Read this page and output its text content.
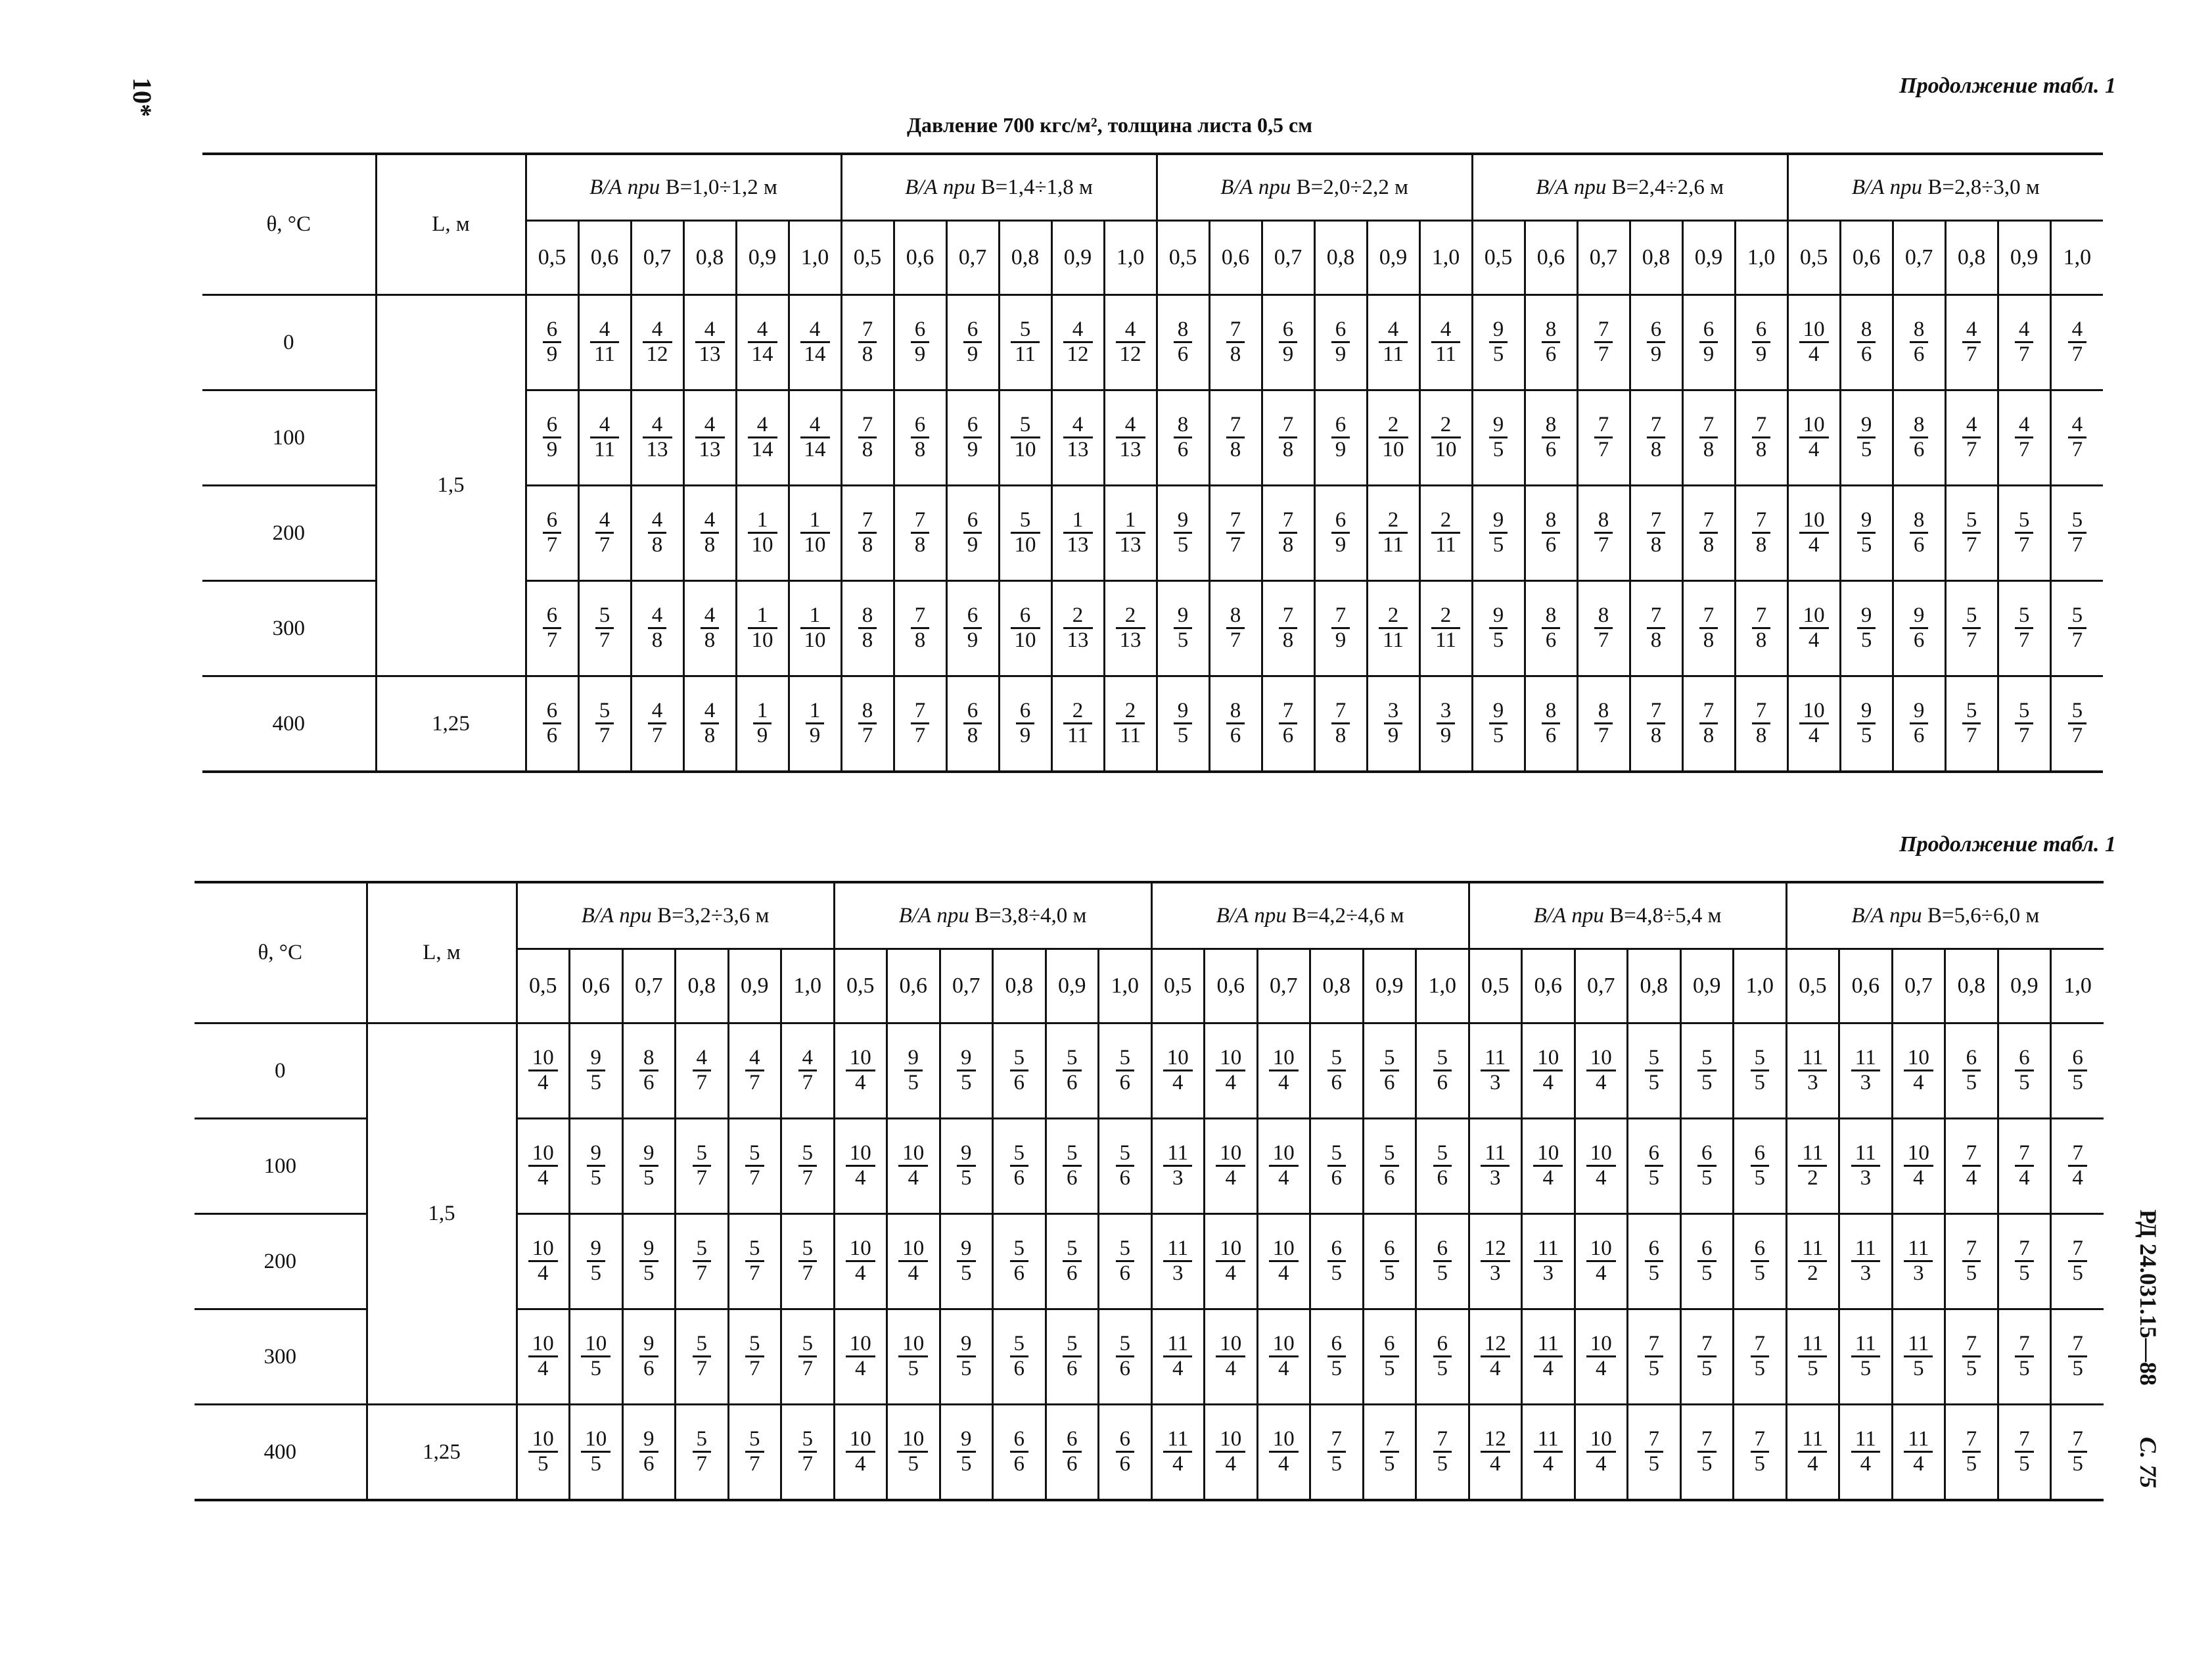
10*	Продолжение табл. 1
Давление 700 кгс/м², толщина листа 0,5 см
θ, °C	L, м	В/А при B=1,0÷1,2 м						В/А при B=1,4÷1,8 м						В/А при B=2,0÷2,2 м						В/А при B=2,4÷2,6 м						В/А при B=2,8÷3,0 м					
		0,5	0,6	0,7	0,8	0,9	1,0	0,5	0,6	0,7	0,8	0,9	1,0	0,5	0,6	0,7	0,8	0,9	1,0	0,5	0,6	0,7	0,8	0,9	1,0	0,5	0,6	0,7	0,8	0,9	1,0
0	1,5	$\frac{6}{9}$	$\frac{4}{11}$	$\frac{4}{12}$	$\frac{4}{13}$	$\frac{4}{14}$	$\frac{4}{14}$	$\frac{7}{8}$	$\frac{6}{9}$	$\frac{6}{9}$	$\frac{5}{11}$	$\frac{4}{12}$	$\frac{4}{12}$	$\frac{8}{6}$	$\frac{7}{8}$	$\frac{6}{9}$	$\frac{6}{9}$	$\frac{4}{11}$	$\frac{4}{11}$	$\frac{9}{5}$	$\frac{8}{6}$	$\frac{7}{7}$	$\frac{6}{9}$	$\frac{6}{9}$	$\frac{6}{9}$	$\frac{10}{4}$	$\frac{8}{6}$	$\frac{8}{6}$	$\frac{4}{7}$	$\frac{4}{7}$	$\frac{4}{7}$

100		$\frac{6}{9}$	$\frac{4}{11}$	$\frac{4}{13}$	$\frac{4}{13}$	$\frac{4}{14}$	$\frac{4}{14}$	$\frac{7}{8}$	$\frac{6}{8}$	$\frac{6}{9}$	$\frac{5}{10}$	$\frac{4}{13}$	$\frac{4}{13}$	$\frac{8}{6}$	$\frac{7}{8}$	$\frac{7}{8}$	$\frac{6}{9}$	$\frac{2}{10}$	$\frac{2}{10}$	$\frac{9}{5}$	$\frac{8}{6}$	$\frac{7}{7}$	$\frac{7}{8}$	$\frac{7}{8}$	$\frac{7}{8}$	$\frac{10}{4}$	$\frac{9}{5}$	$\frac{8}{6}$	$\frac{4}{7}$	$\frac{4}{7}$	$\frac{4}{7}$

200		$\frac{6}{7}$	$\frac{4}{7}$	$\frac{4}{8}$	$\frac{4}{8}$	$\frac{1}{10}$	$\frac{1}{10}$	$\frac{7}{8}$	$\frac{7}{8}$	$\frac{6}{9}$	$\frac{5}{10}$	$\frac{1}{13}$	$\frac{1}{13}$	$\frac{9}{5}$	$\frac{7}{7}$	$\frac{7}{8}$	$\frac{6}{9}$	$\frac{2}{11}$	$\frac{2}{11}$	$\frac{9}{5}$	$\frac{8}{6}$	$\frac{8}{7}$	$\frac{7}{8}$	$\frac{7}{8}$	$\frac{7}{8}$	$\frac{10}{4}$	$\frac{9}{5}$	$\frac{8}{6}$	$\frac{5}{7}$	$\frac{5}{7}$	$\frac{5}{7}$

300		$\frac{6}{7}$	$\frac{5}{7}$	$\frac{4}{8}$	$\frac{4}{8}$	$\frac{1}{10}$	$\frac{1}{10}$	$\frac{8}{8}$	$\frac{7}{8}$	$\frac{6}{9}$	$\frac{6}{10}$	$\frac{2}{13}$	$\frac{2}{13}$	$\frac{9}{5}$	$\frac{8}{7}$	$\frac{7}{8}$	$\frac{7}{9}$	$\frac{2}{11}$	$\frac{2}{11}$	$\frac{9}{5}$	$\frac{8}{6}$	$\frac{8}{7}$	$\frac{7}{8}$	$\frac{7}{8}$	$\frac{7}{8}$	$\frac{10}{4}$	$\frac{9}{5}$	$\frac{9}{6}$	$\frac{5}{7}$	$\frac{5}{7}$	$\frac{5}{7}$

400	1,25	$\frac{6}{6}$	$\frac{5}{7}$	$\frac{4}{7}$	$\frac{4}{8}$	$\frac{1}{9}$	$\frac{1}{9}$	$\frac{8}{7}$	$\frac{7}{7}$	$\frac{6}{8}$	$\frac{6}{9}$	$\frac{2}{11}$	$\frac{2}{11}$	$\frac{9}{5}$	$\frac{8}{6}$	$\frac{7}{6}$	$\frac{7}{8}$	$\frac{3}{9}$	$\frac{3}{9}$	$\frac{9}{5}$	$\frac{8}{6}$	$\frac{8}{7}$	$\frac{7}{8}$	$\frac{7}{8}$	$\frac{7}{8}$	$\frac{10}{4}$	$\frac{9}{5}$	$\frac{9}{6}$	$\frac{5}{7}$	$\frac{5}{7}$	$\frac{5}{7}$
Продолжение табл. 1
θ, °C	L, м	В/А при B=3,2÷3,6 м						В/А при B=3,8÷4,0 м						В/А при B=4,2÷4,6 м						В/А при B=4,8÷5,4 м						В/А при B=5,6÷6,0 м					
		0,5	0,6	0,7	0,8	0,9	1,0	0,5	0,6	0,7	0,8	0,9	1,0	0,5	0,6	0,7	0,8	0,9	1,0	0,5	0,6	0,7	0,8	0,9	1,0	0,5	0,6	0,7	0,8	0,9	1,0
0	1,5	$\frac{10}{4}$	$\frac{9}{5}$	$\frac{8}{6}$	$\frac{4}{7}$	$\frac{4}{7}$	$\frac{4}{7}$	$\frac{10}{4}$	$\frac{9}{5}$	$\frac{9}{5}$	$\frac{5}{6}$	$\frac{5}{6}$	$\frac{5}{6}$	$\frac{10}{4}$	$\frac{10}{4}$	$\frac{10}{4}$	$\frac{5}{6}$	$\frac{5}{6}$	$\frac{5}{6}$	$\frac{11}{3}$	$\frac{10}{4}$	$\frac{10}{4}$	$\frac{5}{5}$	$\frac{5}{5}$	$\frac{5}{5}$	$\frac{11}{3}$	$\frac{11}{3}$	$\frac{10}{4}$	$\frac{6}{5}$	$\frac{6}{5}$	$\frac{6}{5}$

100		$\frac{10}{4}$	$\frac{9}{5}$	$\frac{9}{5}$	$\frac{5}{7}$	$\frac{5}{7}$	$\frac{5}{7}$	$\frac{10}{4}$	$\frac{10}{4}$	$\frac{9}{5}$	$\frac{5}{6}$	$\frac{5}{6}$	$\frac{5}{6}$	$\frac{11}{3}$	$\frac{10}{4}$	$\frac{10}{4}$	$\frac{5}{6}$	$\frac{5}{6}$	$\frac{5}{6}$	$\frac{11}{3}$	$\frac{10}{4}$	$\frac{10}{4}$	$\frac{6}{5}$	$\frac{6}{5}$	$\frac{6}{5}$	$\frac{11}{2}$	$\frac{11}{3}$	$\frac{10}{4}$	$\frac{7}{4}$	$\frac{7}{4}$	$\frac{7}{4}$

200		$\frac{10}{4}$	$\frac{9}{5}$	$\frac{9}{5}$	$\frac{5}{7}$	$\frac{5}{7}$	$\frac{5}{7}$	$\frac{10}{4}$	$\frac{10}{4}$	$\frac{9}{5}$	$\frac{5}{6}$	$\frac{5}{6}$	$\frac{5}{6}$	$\frac{11}{3}$	$\frac{10}{4}$	$\frac{10}{4}$	$\frac{6}{5}$	$\frac{6}{5}$	$\frac{6}{5}$	$\frac{12}{3}$	$\frac{11}{3}$	$\frac{10}{4}$	$\frac{6}{5}$	$\frac{6}{5}$	$\frac{6}{5}$	$\frac{11}{2}$	$\frac{11}{3}$	$\frac{11}{3}$	$\frac{7}{5}$	$\frac{7}{5}$	$\frac{7}{5}$

300		$\frac{10}{4}$	$\frac{10}{5}$	$\frac{9}{6}$	$\frac{5}{7}$	$\frac{5}{7}$	$\frac{5}{7}$	$\frac{10}{4}$	$\frac{10}{5}$	$\frac{9}{5}$	$\frac{5}{6}$	$\frac{5}{6}$	$\frac{5}{6}$	$\frac{11}{4}$	$\frac{10}{4}$	$\frac{10}{4}$	$\frac{6}{5}$	$\frac{6}{5}$	$\frac{6}{5}$	$\frac{12}{4}$	$\frac{11}{4}$	$\frac{10}{4}$	$\frac{7}{5}$	$\frac{7}{5}$	$\frac{7}{5}$	$\frac{11}{5}$	$\frac{11}{5}$	$\frac{11}{5}$	$\frac{7}{5}$	$\frac{7}{5}$	$\frac{7}{5}$

400	1,25	$\frac{10}{5}$	$\frac{10}{5}$	$\frac{9}{6}$	$\frac{5}{7}$	$\frac{5}{7}$	$\frac{5}{7}$	$\frac{10}{4}$	$\frac{10}{5}$	$\frac{9}{5}$	$\frac{6}{6}$	$\frac{6}{6}$	$\frac{6}{6}$	$\frac{11}{4}$	$\frac{10}{4}$	$\frac{10}{4}$	$\frac{7}{5}$	$\frac{7}{5}$	$\frac{7}{5}$	$\frac{12}{4}$	$\frac{11}{4}$	$\frac{10}{4}$	$\frac{7}{5}$	$\frac{7}{5}$	$\frac{7}{5}$	$\frac{11}{4}$	$\frac{11}{4}$	$\frac{11}{4}$	$\frac{7}{5}$	$\frac{7}{5}$	$\frac{7}{5}$
РД 24.031.15—88  С. 75
